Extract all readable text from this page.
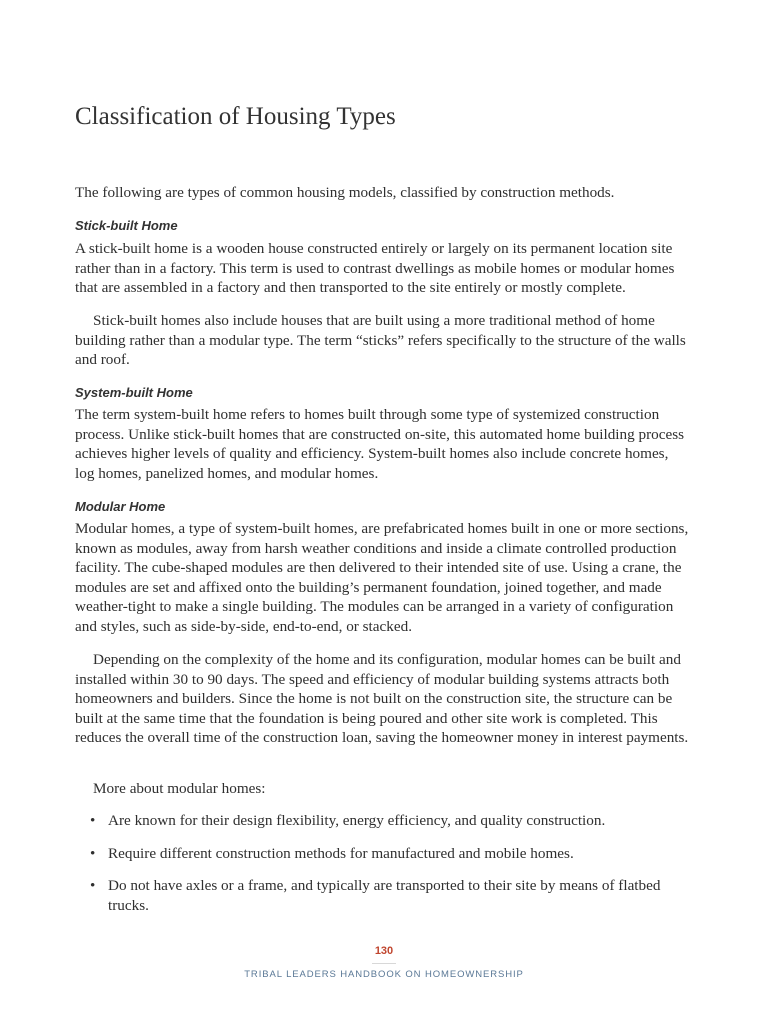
Classification of Housing Types

The following are types of common housing models, classified by construction methods.

Stick-built Home

A stick-built home is a wooden house constructed entirely or largely on its permanent location site rather than in a factory. This term is used to contrast dwellings as mobile homes or modular homes that are assembled in a factory and then transported to the site entirely or mostly complete.

Stick-built homes also include houses that are built using a more traditional method of home building rather than a modular type. The term “sticks” refers specifically to the structure of the walls and roof.

System-built Home

The term system-built home refers to homes built through some type of systemized construction process. Unlike stick-built homes that are constructed on-site, this automated home building process achieves higher levels of quality and efficiency. System-built homes also include concrete homes, log homes, panelized homes, and modular homes.

Modular Home

Modular homes, a type of system-built homes, are prefabricated homes built in one or more sections, known as modules, away from harsh weather conditions and inside a climate controlled production facility. The cube-shaped modules are then delivered to their intended site of use. Using a crane, the modules are set and affixed onto the building’s permanent foundation, joined together, and made weather-tight to make a single building. The modules can be arranged in a variety of configuration and styles, such as side-by-side, end-to-end, or stacked.

Depending on the complexity of the home and its configuration, modular homes can be built and installed within 30 to 90 days. The speed and efficiency of modular building systems attracts both homeowners and builders. Since the home is not built on the construction site, the structure can be built at the same time that the foundation is being poured and other site work is completed. This reduces the overall time of the construction loan, saving the homeowner money in interest payments.

More about modular homes:

• Are known for their design flexibility, energy efficiency, and quality construction.
• Require different construction methods for manufactured and mobile homes.
• Do not have axles or a frame, and typically are transported to their site by means of flatbed trucks.

130

TRIBAL LEADERS HANDBOOK ON HOMEOWNERSHIP
